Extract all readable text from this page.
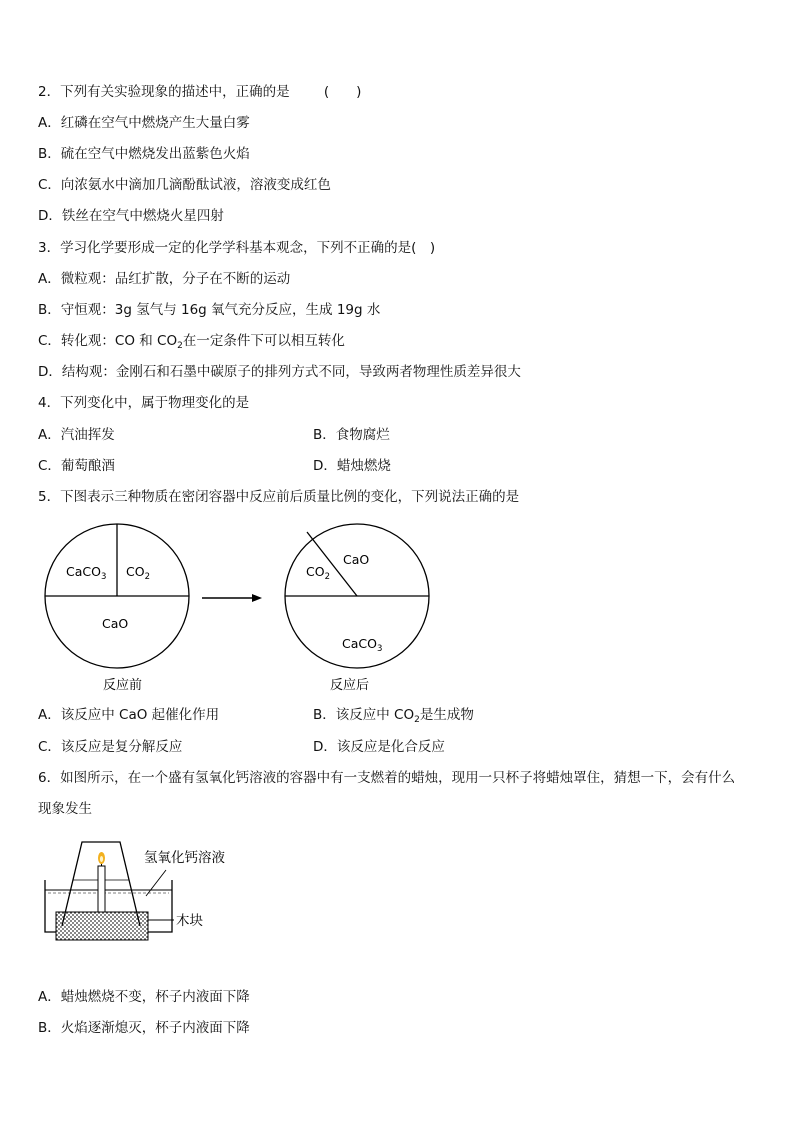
2．下列有关实验现象的描述中，正确的是	(　　)
A．红磷在空气中燃烧产生大量白雾
B．硫在空气中燃烧发出蓝紫色火焰
C．向浓氨水中滴加几滴酚酞试液，溶液变成红色
D．铁丝在空气中燃烧火星四射
3．学习化学要形成一定的化学学科基本观念，下列不正确的是(　)
A．微粒观：品红扩散，分子在不断的运动
B．守恒观：3g 氢气与 16g 氧气充分反应，生成 19g 水
C．转化观：CO 和 $CO_2$在一定条件下可以相互转化
D．结构观：金刚石和石墨中碳原子的排列方式不同，导致两者物理性质差异很大
4．下列变化中，属于物理变化的是
A．汽油挥发	B．食物腐烂
C．葡萄酿酒	D．蜡烛燃烧
5．下图表示三种物质在密闭容器中反应前后质量比例的变化，下列说法正确的是
CaCO$_3$ $CO_2$
CaO
$CO_2$
CaO
CaCO$_3$
反应前	反应后
A．该反应中 CaO 起催化作用	B．该反应中 $CO_2$是生成物
C．该反应是复分解反应	D．该反应是化合反应
6．如图所示，在一个盛有氢氧化钙溶液的容器中有一支燃着的蜡烛，现用一只杯子将蜡烛罩住，猜想一下，会有什么
现象发生
氢氧化钙溶液
木块
A．蜡烛燃烧不变，杯子内液面下降
B．火焰逐渐熄灭，杯子内液面下降
